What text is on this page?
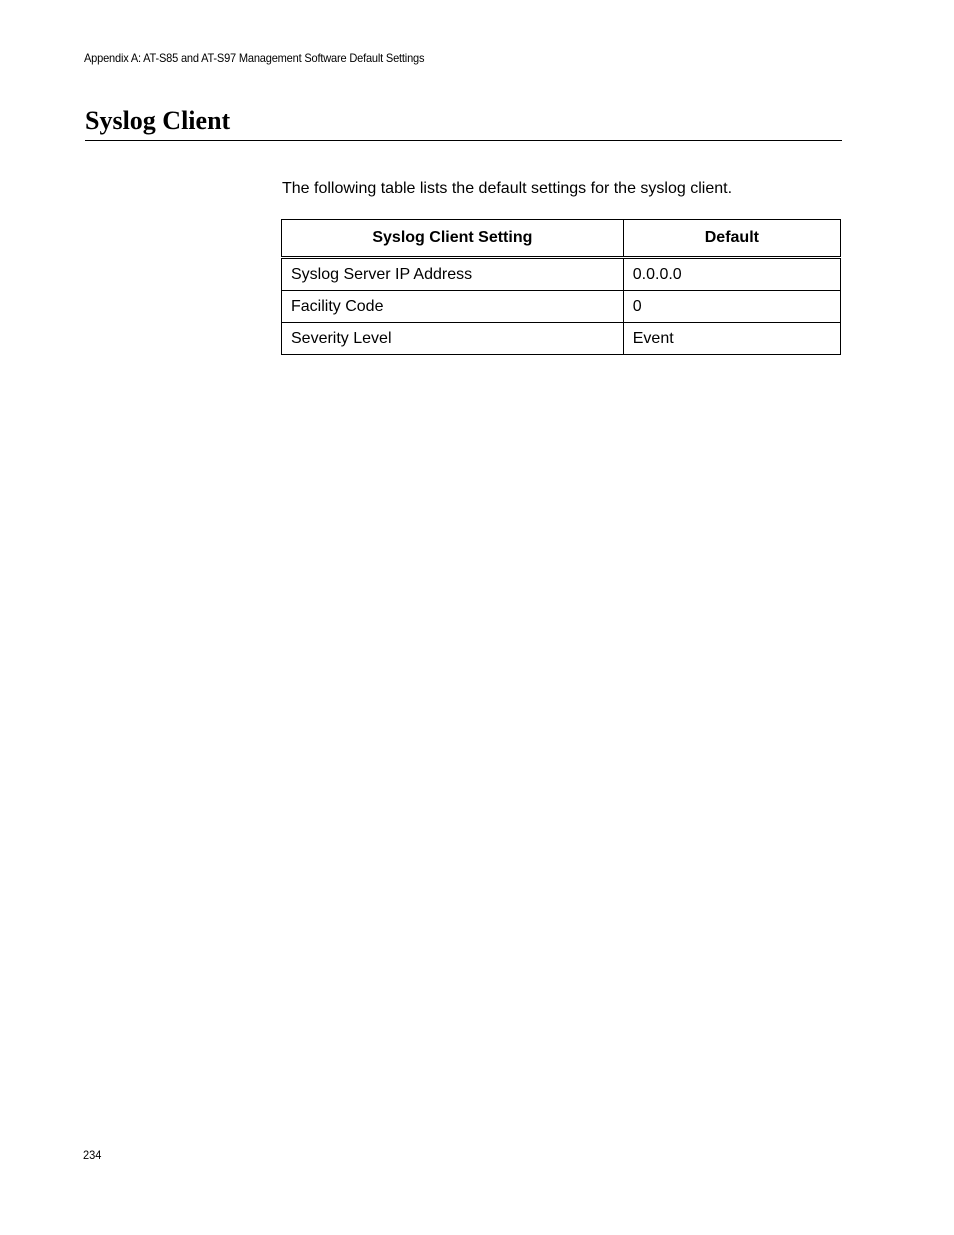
Appendix A: AT-S85 and AT-S97 Management Software Default Settings
Syslog Client

The following table lists the default settings for the syslog client.

Syslog Client Setting	Default
Syslog Server IP Address	0.0.0.0
Facility Code	0
Severity Level	Event
234
